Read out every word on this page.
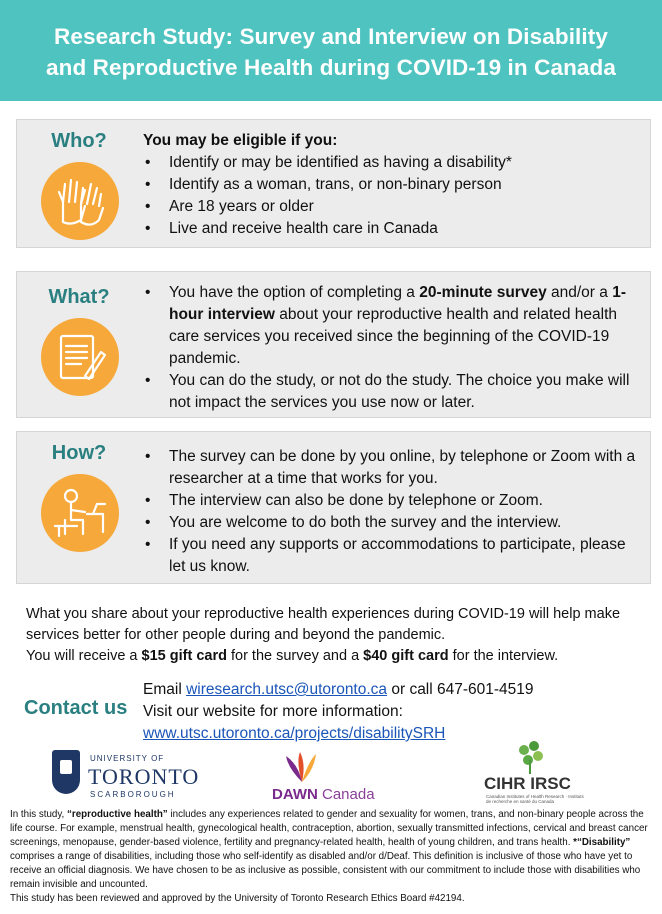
Research Study: Survey and Interview on Disability
and Reproductive Health during COVID-19 in Canada
Who?	You may be eligible if you:
• Identify or may be identified as having a disability*
• Identify as a woman, trans, or non-binary person
• Are 18 years or older
• Live and receive health care in Canada
What?	• You have the option of completing a 20-minute survey and/or a 1-hour interview about your reproductive health and related health care services you received since the beginning of the COVID-19 pandemic.
• You can do the study, or not do the study. The choice you make will not impact the services you use now or later.
How?	• The survey can be done by you online, by telephone or Zoom with a researcher at a time that works for you.
• The interview can also be done by telephone or Zoom.
• You are welcome to do both the survey and the interview.
• If you need any supports or accommodations to participate, please let us know.
What you share about your reproductive health experiences during COVID-19 will help make services better for other people during and beyond the pandemic.
You will receive a $15 gift card for the survey and a $40 gift card for the interview.
Contact us
Email wiresearch.utsc@utoronto.ca or call 647-601-4519
Visit our website for more information:
www.utsc.utoronto.ca/projects/disabilitySRH
UNIVERSITY OF
TORONTO
SCARBOROUGH	DAWN Canada
CIHR IRSC
Canadian Institutes of Health Research · Instituts de recherche en santé du Canada
In this study, “reproductive health” includes any experiences related to gender and sexuality for women, trans, and non-binary people across the life course. For example, menstrual health, gynecological health, contraception, abortion, sexually transmitted infections, cervical and breast cancer screenings, menopause, gender-based violence, fertility and pregnancy-related health, health of young children, and trans health. *“Disability” comprises a range of disabilities, including those who self-identify as disabled and/or d/Deaf. This definition is inclusive of those who have yet to receive an official diagnosis. We have chosen to be as inclusive as possible, consistent with our commitment to include those with disabilities who remain invisible and uncounted.
This study has been reviewed and approved by the University of Toronto Research Ethics Board #42194.
